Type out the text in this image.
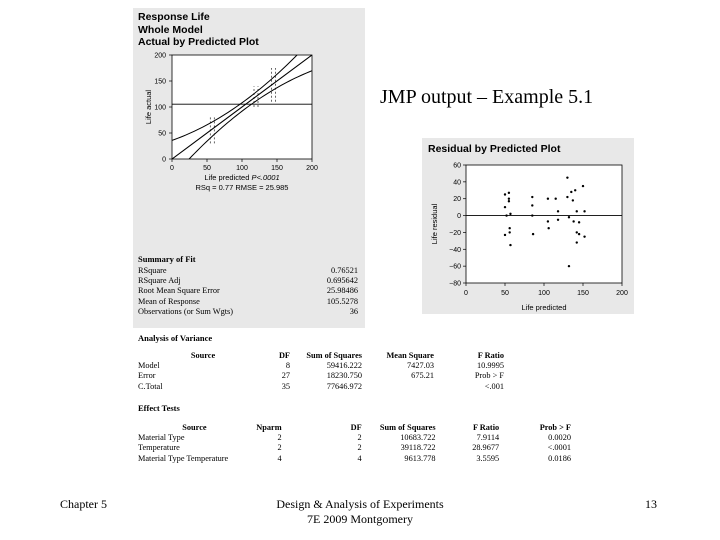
Response Life
Whole Model
Actual by Predicted Plot
Life actual
Life predicted P<.0001
RSq = 0.77 RMSE = 25.985
0	50	100	150	200
0
50
100
150
200
JMP output – Example 5.1
Residual by Predicted Plot
Life residual
Life predicted
0	50	100	150	200
60
40
20
0
−20
−40
−60
−80
Summary of Fit
RSquare	0.76521
RSquare Adj	0.695642
Root Mean Square Error	25.98486
Mean of Response	105.5278
Observations (or Sum Wgts)	36
Analysis of Variance
Source	DF	Sum of Squares	Mean Square	F Ratio
Model	8	59416.222	7427.03	10.9995
Error	27	18230.750	675.21	Prob > F
C.Total	35	77646.972		<.001
Effect Tests
Source	Nparm	DF	Sum of Squares	F Ratio	Prob > F
Material Type	2	2	10683.722	7.9114	0.0020
Temperature	2	2	39118.722	28.9677	<.0001
Material Type Temperature	4	4	9613.778	3.5595	0.0186
Chapter 5	Design & Analysis of Experiments
7E 2009 Montgomery
13
